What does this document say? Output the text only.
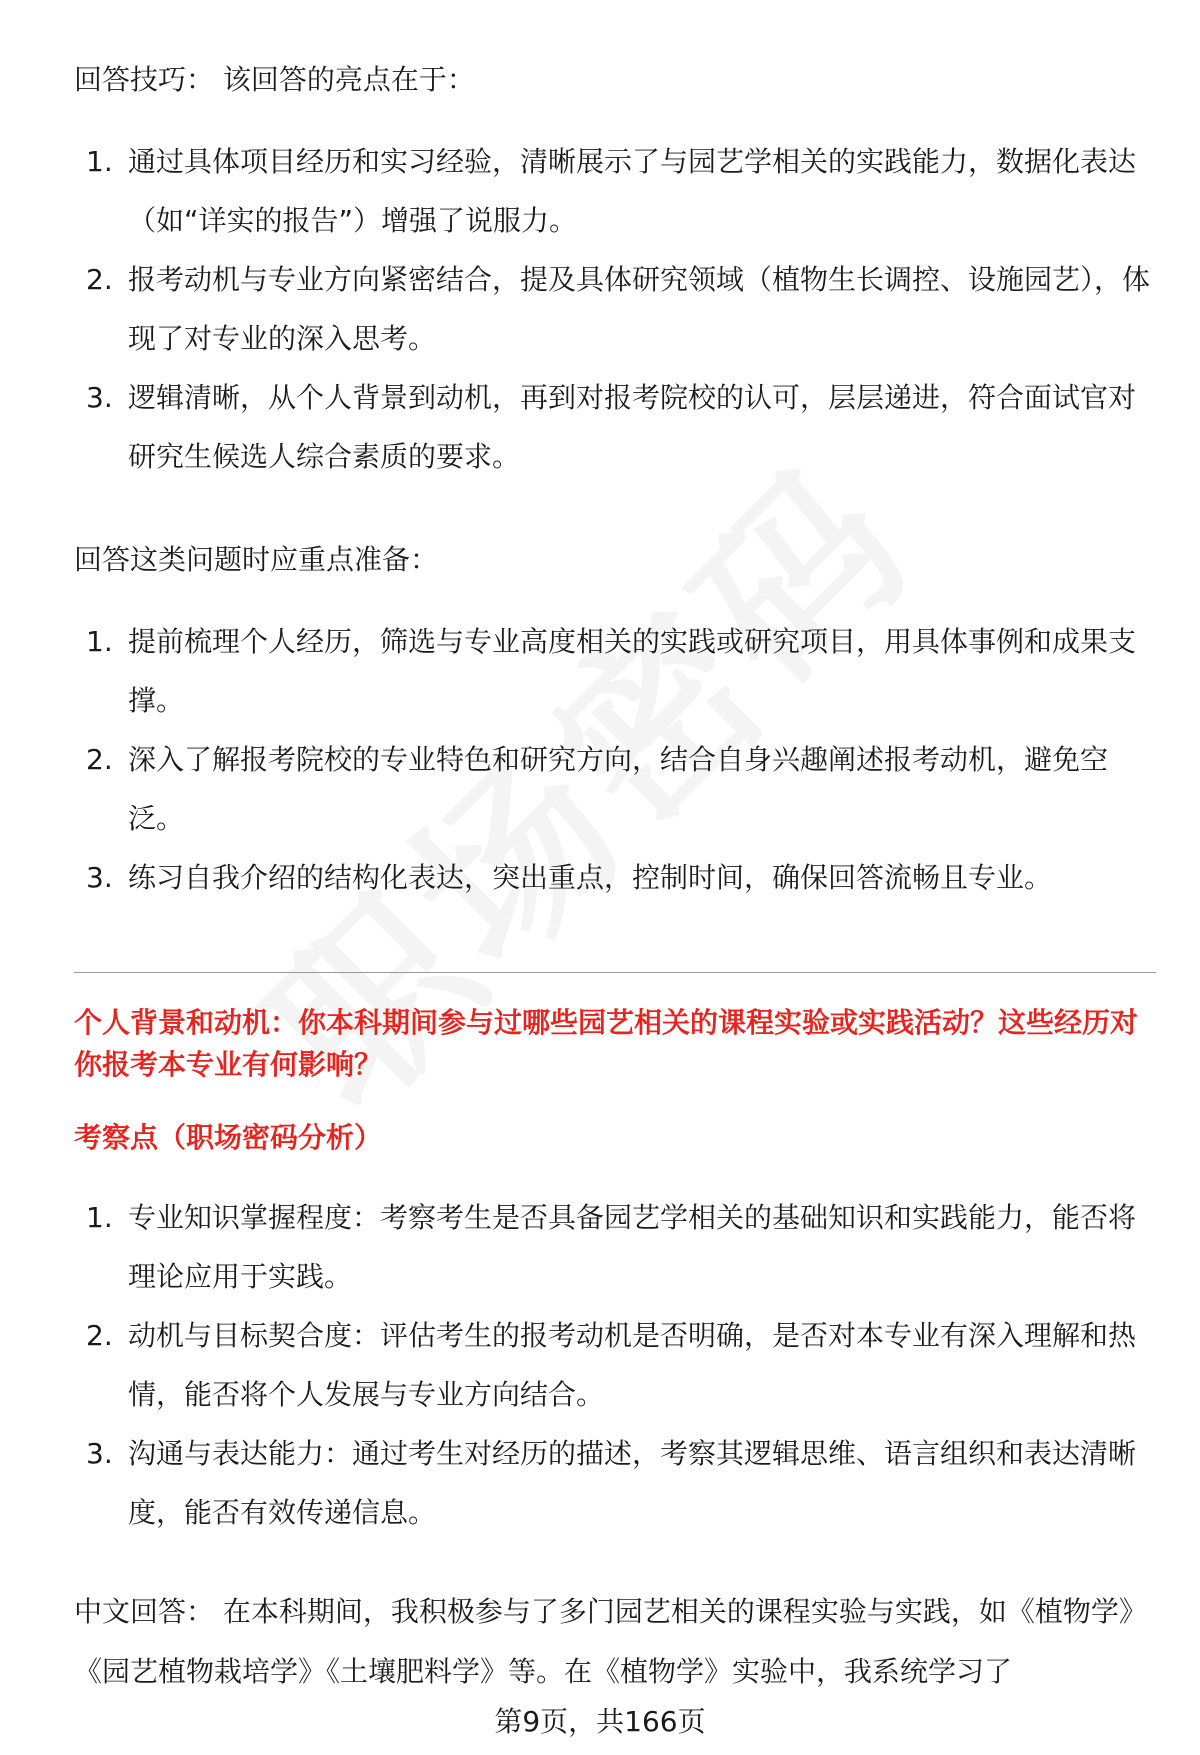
回答技巧： 该回答的亮点在于：

1. 通过具体项目经历和实习经验，清晰展示了与园艺学相关的实践能力，数据化表达（如“详实的报告”）增强了说服力。
2. 报考动机与专业方向紧密结合，提及具体研究领域（植物生长调控、设施园艺），体现了对专业的深入思考。
3. 逻辑清晰，从个人背景到动机，再到对报考院校的认可，层层递进，符合面试官对研究生候选人综合素质的要求。

回答这类问题时应重点准备：

1. 提前梳理个人经历，筛选与专业高度相关的实践或研究项目，用具体事例和成果支撑。
2. 深入了解报考院校的专业特色和研究方向，结合自身兴趣阐述报考动机，避免空泛。
3. 练习自我介绍的结构化表达，突出重点，控制时间，确保回答流畅且专业。

个人背景和动机：你本科期间参与过哪些园艺相关的课程实验或实践活动？这些经历对你报考本专业有何影响？

考察点（职场密码分析）

1. 专业知识掌握程度：考察考生是否具备园艺学相关的基础知识和实践能力，能否将理论应用于实践。
2. 动机与目标契合度：评估考生的报考动机是否明确，是否对本专业有深入理解和热情，能否将个人发展与专业方向结合。
3. 沟通与表达能力：通过考生对经历的描述，考察其逻辑思维、语言组织和表达清晰度，能否有效传递信息。

中文回答： 在本科期间，我积极参与了多门园艺相关的课程实验与实践，如《植物学》《园艺植物栽培学》《土壤肥料学》等。在《植物学》实验中，我系统学习了

第9页，共166页
